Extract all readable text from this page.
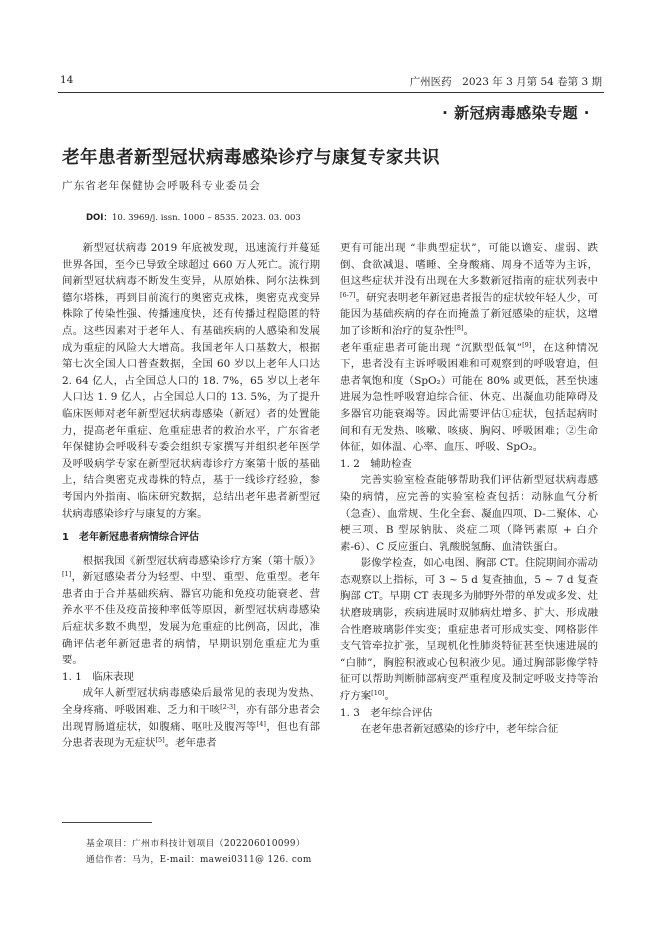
14	广州医药　2023 年 3 月第 54 卷第 3 期
· 新冠病毒感染专题 ·
老年患者新型冠状病毒感染诊疗与康复专家共识
广东省老年保健协会呼吸科专业委员会
DOI：10. 3969/j. issn. 1000 – 8535. 2023. 03. 003

新型冠状病毒 2019 年底被发现，迅速流行并蔓延世界各国，至今已导致全球超过 660 万人死亡。流行期间新型冠状病毒不断发生变异，从原始株、阿尔法株到德尔塔株，再到目前流行的奥密克戎株，奥密克戎变异株除了传染性强、传播速度快，还有传播过程隐匿的特点。这些因素对于老年人、有基础疾病的人感染和发展成为重症的风险大大增高。我国老年人口基数大，根据第七次全国人口普查数据，全国 60 岁以上老年人口达 2. 64 亿人，占全国总人口的 18. 7%，65 岁以上老年人口达 1. 9 亿人，占全国总人口的 13. 5%，为了提升临床医师对老年新型冠状病毒感染（新冠）者的处置能力，提高老年重症、危重症患者的救治水平，广东省老年保健协会呼吸科专委会组织专家撰写并组织老年医学及呼吸病学专家在新型冠状病毒诊疗方案第十版的基础上，结合奥密克戎毒株的特点，基于一线诊疗经验，参考国内外指南、临床研究数据，总结出老年患者新型冠状病毒感染诊疗与康复的方案。

1　老年新冠患者病情综合评估

根据我国《新型冠状病毒感染诊疗方案（第十版）》[1]，新冠感染者分为轻型、中型、重型、危重型。老年患者由于合并基础疾病、器官功能和免疫功能衰老、营养水平不佳及疫苗接种率低等原因，新型冠状病毒感染后症状多数不典型，发展为危重症的比例高，因此，准确评估老年新冠患者的病情，早期识别危重症尤为重要。

1. 1　临床表现

成年人新型冠状病毒感染后最常见的表现为发热、全身疼痛、呼吸困难、乏力和干咳[2-3]，亦有部分患者会出现胃肠道症状，如腹痛、呕吐及腹泻等[4]，但也有部分患者表现为无症状[5]。老年患者

更有可能出现 “非典型症状”，可能以谵妄、虚弱、跌倒、食欲减退、嗜睡、全身酸痛、周身不适等为主诉，但这些症状并没有出现在大多数新冠指南的症状列表中[6-7]。研究表明老年新冠患者报告的症状较年轻人少，可能因为基础疾病的存在而掩盖了新冠感染的症状，这增加了诊断和治疗的复杂性[8]。

老年重症患者可能出现 “沉默型低氧”[9]，在这种情况下，患者没有主诉呼吸困难和可观察到的呼吸窘迫，但患者氧饱和度（SpO₂）可能在 80% 或更低，甚至快速进展为急性呼吸窘迫综合征、休克、出凝血功能障碍及多器官功能衰竭等。因此需要评估①症状，包括起病时间和有无发热、咳嗽、咳痰、胸闷、呼吸困难；②生命体征，如体温、心率、血压、呼吸、SpO₂。

1. 2　辅助检查

完善实验室检查能够帮助我们评估新型冠状病毒感染的病情，应完善的实验室检查包括：动脉血气分析（急查）、血常规、生化全套、凝血四项、D-二聚体、心梗三项、B 型尿钠肽、炎症二项（降钙素原 + 白介素-6）、C 反应蛋白、乳酸脱氢酶、血清铁蛋白。

影像学检查，如心电图、胸部 CT。住院期间亦需动态观察以上指标，可 3 ~ 5 d 复查抽血，5 ~ 7 d 复查胸部 CT。早期 CT 表现多为肺野外带的单发或多发、灶状磨玻璃影，疾病进展时双肺病灶增多、扩大、形成融合性磨玻璃影伴实变；重症患者可形成实变、网格影伴支气管牵拉扩张，呈现机化性肺炎特征甚至快速进展的 “白肺”，胸腔积液或心包积液少见。通过胸部影像学特征可以帮助判断肺部病变严重程度及制定呼吸支持等治疗方案[10]。

1. 3　老年综合评估

在老年患者新冠感染的诊疗中，老年综合征

基金项目：广州市科技计划项目（202206010099）
通信作者：马为，E-mail：mawei0311@ 126. com
